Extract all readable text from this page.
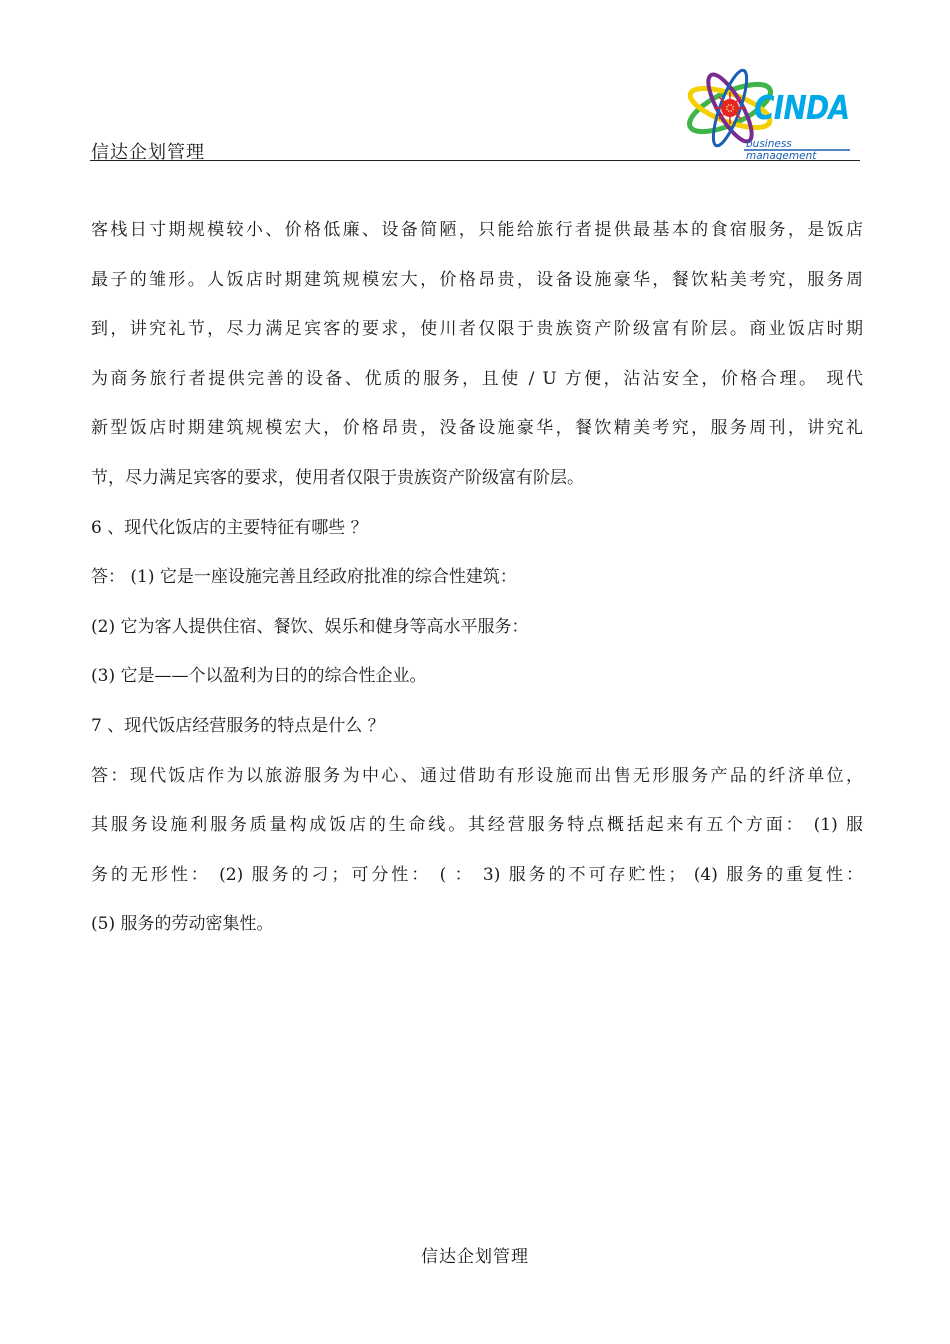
信达企划管理
CINDA
business management
客栈日寸期规模较小、价格低廉、设备简陋，只能给旅行者提供最基本的食宿服务，是饭店
最子的雏形。人饭店时期建筑规模宏大，价格昂贵，设备设施豪华，餐饮粘美考究，服务周
到，讲究礼节，尽力满足宾客的要求，使川者仅限于贵族资产阶级富有阶层。商业饭店时期
为商务旅行者提供完善的设备、优质的服务，且使 / U 方便，沾沾安全，价格合理。 现代
新型饭店时期建筑规模宏大，价格昂贵，没备设施豪华，餐饮精美考究，服务周刊，讲究礼
节，尽力满足宾客的要求，使用者仅限于贵族资产阶级富有阶层。
6 、现代化饭店的主要特征有哪些 ？
答： (1) 它是一座设施完善且经政府批准的综合性建筑：
(2) 它为客人提供住宿、餐饮、娱乐和健身等高水平服务：
(3) 它是——个以盈利为日的的综合性企业。
7 、现代饭店经营服务的特点是什么 ？
答：现代饭店作为以旅游服务为中心、通过借助有形设施而出售无形服务产品的纤济单位，
其服务设施利服务质量构成饭店的生命线。其经营服务特点概括起来有五个方面： (1) 服
务的无形性： (2) 服务的刁；可分性： ( ： 3) 服务的不可存贮性； (4) 服务的重复性：
(5) 服务的劳动密集性。
信达企划管理
